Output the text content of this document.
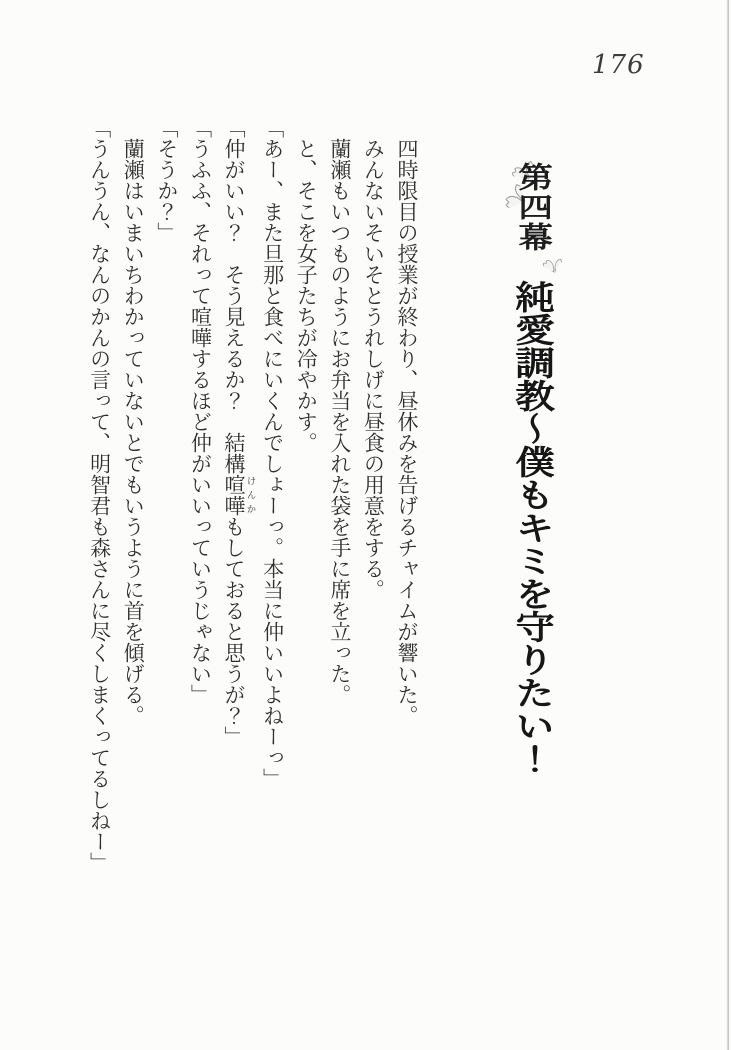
176
第四幕
純愛調教～僕もキミを守りたい！

四時限目の授業が終わり、昼休みを告げるチャイムが響いた。

みんないそいそとうれしげに昼食の用意をする。

蘭瀬もいつものようにお弁当を入れた袋を手に席を立った。

と、そこを女子たちが冷やかす。

「あー、また旦那と食べにいくんでしょーっ。本当に仲いいよねーっ」

「仲がいい？　そう見えるか？　結構喧嘩けんかもしておると思うが？」

「うふふ、それって喧嘩するほど仲がいいっていうじゃない」

「そうか？」

蘭瀬はいまいちわかっていないとでもいうように首を傾げる。

「うんうん、なんのかんの言って、明智君も森さんに尽くしまくってるしねー」
